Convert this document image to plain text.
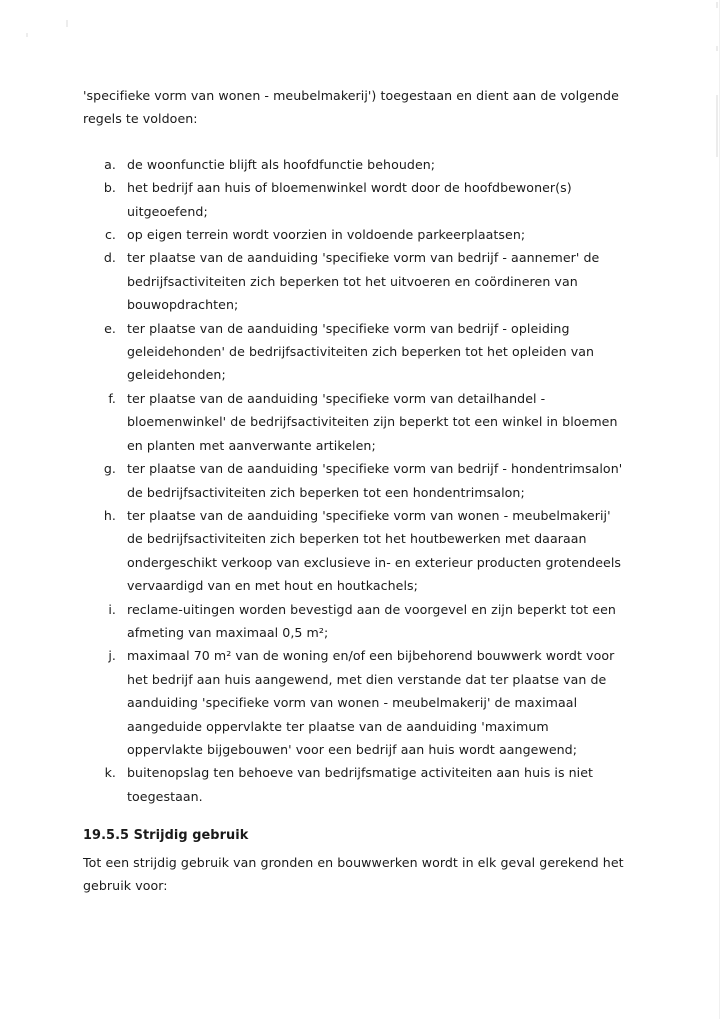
'specifieke vorm van wonen - meubelmakerij') toegestaan en dient aan de volgende regels te voldoen:

a. de woonfunctie blijft als hoofdfunctie behouden;
b. het bedrijf aan huis of bloemenwinkel wordt door de hoofdbewoner(s) uitgeoefend;
c. op eigen terrein wordt voorzien in voldoende parkeerplaatsen;
d. ter plaatse van de aanduiding 'specifieke vorm van bedrijf - aannemer' de bedrijfsactiviteiten zich beperken tot het uitvoeren en coördineren van bouwopdrachten;
e. ter plaatse van de aanduiding 'specifieke vorm van bedrijf - opleiding geleidehonden' de bedrijfsactiviteiten zich beperken tot het opleiden van geleidehonden;
f. ter plaatse van de aanduiding 'specifieke vorm van detailhandel - bloemenwinkel' de bedrijfsactiviteiten zijn beperkt tot een winkel in bloemen en planten met aanverwante artikelen;
g. ter plaatse van de aanduiding 'specifieke vorm van bedrijf - hondentrimsalon' de bedrijfsactiviteiten zich beperken tot een hondentrimsalon;
h. ter plaatse van de aanduiding 'specifieke vorm van wonen - meubelmakerij' de bedrijfsactiviteiten zich beperken tot het houtbewerken met daaraan ondergeschikt verkoop van exclusieve in- en exterieur producten grotendeels vervaardigd van en met hout en houtkachels;
i. reclame-uitingen worden bevestigd aan de voorgevel en zijn beperkt tot een afmeting van maximaal 0,5 m²;
j. maximaal 70 m² van de woning en/of een bijbehorend bouwwerk wordt voor het bedrijf aan huis aangewend, met dien verstande dat ter plaatse van de aanduiding 'specifieke vorm van wonen - meubelmakerij' de maximaal aangeduide oppervlakte ter plaatse van de aanduiding 'maximum oppervlakte bijgebouwen' voor een bedrijf aan huis wordt aangewend;
k. buitenopslag ten behoeve van bedrijfsmatige activiteiten aan huis is niet toegestaan.
19.5.5 Strijdig gebruik

Tot een strijdig gebruik van gronden en bouwwerken wordt in elk geval gerekend het
gebruik voor:
